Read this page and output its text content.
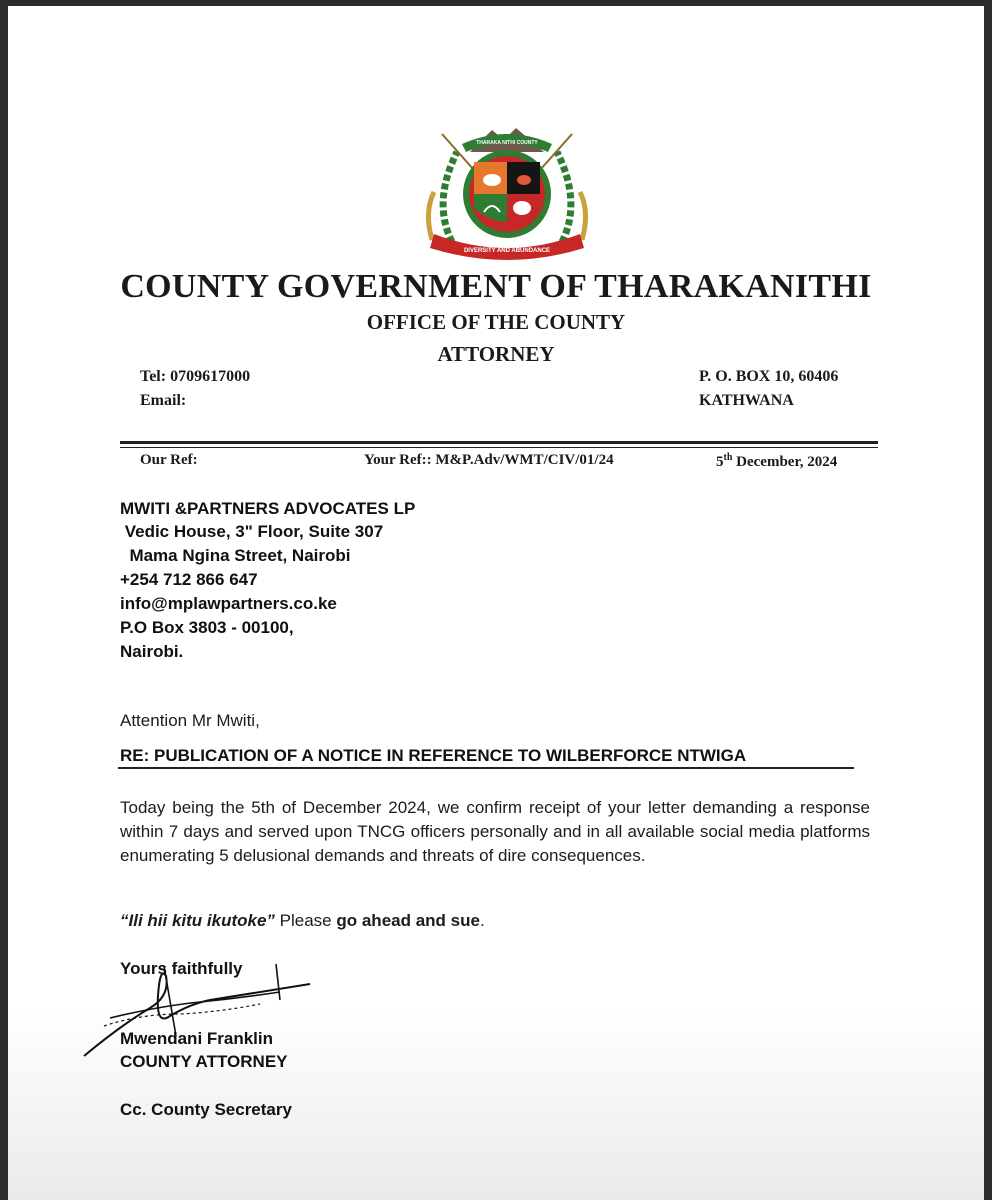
THARAKA NITHI COUNTY
DIVERSITY AND ABUNDANCE
COUNTY GOVERNMENT OF THARAKANITHI
OFFICE OF THE COUNTY
ATTORNEY
Tel: 0709617000
Email:
P. O. BOX 10, 60406
KATHWANA
Our Ref:	Your Ref:: M&P.Adv/WMT/CIV/01/24	5th December, 2024
MWITI &PARTNERS ADVOCATES LP
Vedic House, 3" Floor, Suite 307
Mama Ngina Street, Nairobi
+254 712 866 647
info@mplawpartners.co.ke
P.O Box 3803 - 00100,
Nairobi.
Attention Mr Mwiti,
RE: PUBLICATION OF A NOTICE IN REFERENCE TO WILBERFORCE NTWIGA
Today being the 5th of December 2024, we confirm receipt of your letter demanding a response within 7 days and served upon TNCG officers personally and in all available social media platforms enumerating 5 delusional demands and threats of dire consequences.
“Ili hii kitu ikutoke” Please go ahead and sue.
Yours faithfully
Mwendani Franklin
COUNTY ATTORNEY
Cc. County Secretary
